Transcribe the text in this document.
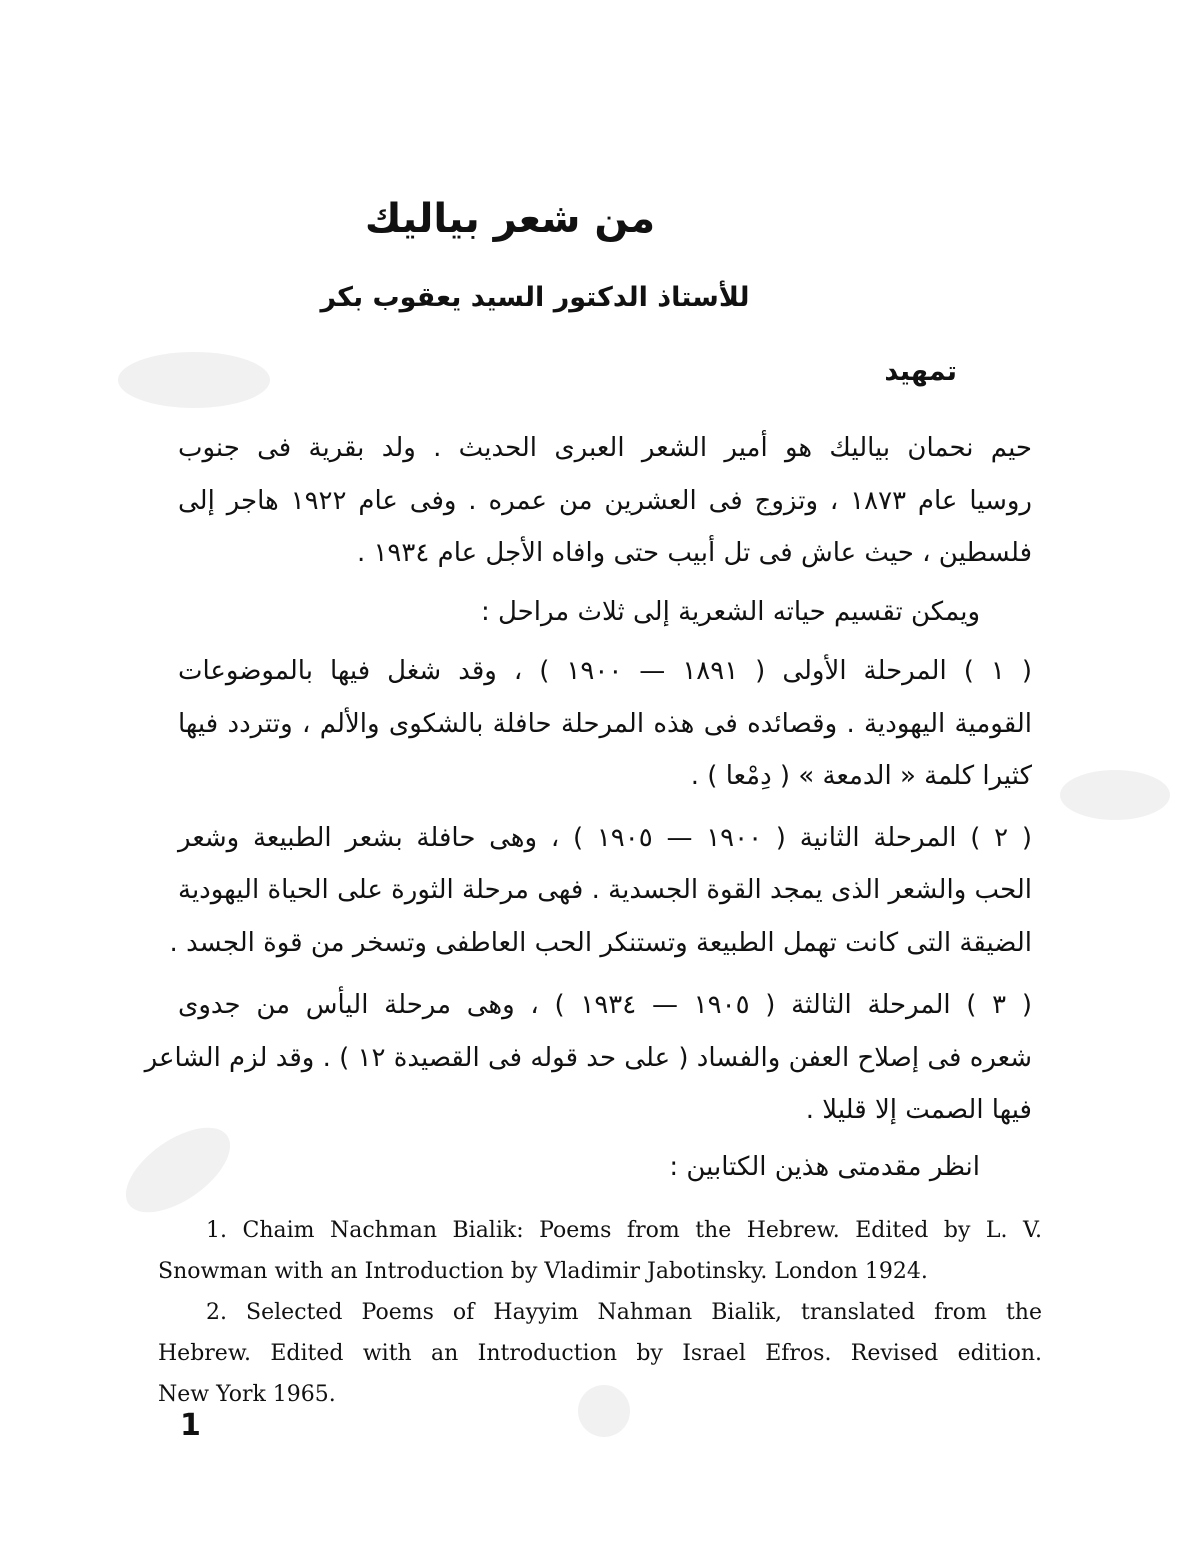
من شعر بياليك
للأستاذ الدكتور السيد يعقوب بكر
تمهيد
حيم نحمان بياليك هو أمير الشعر العبرى الحديث . ولد بقرية فى جنوب
روسيا عام ١٨٧٣ ، وتزوج فى العشرين من عمره . وفى عام ١٩٢٢ هاجر إلى
فلسطين ، حيث عاش فى تل أبيب حتى وافاه الأجل عام ١٩٣٤ .
ويمكن تقسيم حياته الشعرية إلى ثلاث مراحل :
( ١ ) المرحلة الأولى ( ١٨٩١ — ١٩٠٠ ) ، وقد شغل فيها بالموضوعات
القومية اليهودية . وقصائده فى هذه المرحلة حافلة بالشكوى والألم ، وتتردد فيها
كثيرا كلمة « الدمعة » ( دِمْعا ) .
( ٢ ) المرحلة الثانية ( ١٩٠٠ — ١٩٠٥ ) ، وهى حافلة بشعر الطبيعة وشعر
الحب والشعر الذى يمجد القوة الجسدية . فهى مرحلة الثورة على الحياة اليهودية
الضيقة التى كانت تهمل الطبيعة وتستنكر الحب العاطفى وتسخر من قوة الجسد .
( ٣ ) المرحلة الثالثة ( ١٩٠٥ — ١٩٣٤ ) ، وهى مرحلة اليأس من جدوى
شعره فى إصلاح العفن والفساد ( على حد قوله فى القصيدة ١٢ ) . وقد لزم الشاعر
فيها الصمت إلا قليلا .
انظر مقدمتى هذين الكتابين :
1. Chaim Nachman Bialik: Poems from the Hebrew. Edited by L. V.
Snowman with an Introduction by Vladimir Jabotinsky. London 1924.
2. Selected Poems of Hayyim Nahman Bialik, translated from the
Hebrew. Edited with an Introduction by Israel Efros. Revised edition.
New York 1965.
1
